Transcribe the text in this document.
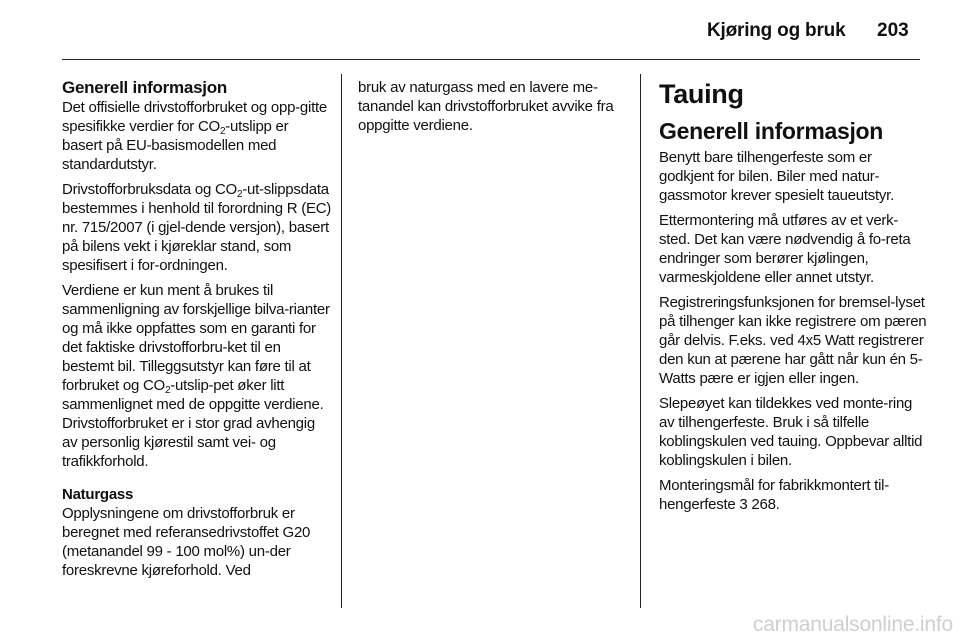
Kjøring og bruk 203
Generell informasjon

Det offisielle drivstofforbruket og opp-gitte spesifikke verdier for $CO_2$-utslipp er basert på EU-basismodellen med standardutstyr.

Drivstofforbruksdata og $CO_2-ut$-slippsdata bestemmes i henhold til forordning R (EC) nr. 715/2007 (i gjel-dende versjon), basert på bilens vekt i kjøreklar stand, som spesifisert i for-ordningen.

Verdiene er kun ment å brukes til sammenligning av forskjellige bilva-rianter og må ikke oppfattes som en garanti for det faktiske drivstofforbru-ket til en bestemt bil. Tilleggsutstyr kan føre til at forbruket og $CO_2-utslip$-pet øker litt sammenlignet med de oppgitte verdiene. Drivstofforbruket er i stor grad avhengig av personlig kjørestil samt vei- og trafikkforhold.

Naturgass

Opplysningene om drivstofforbruk er beregnet med referansedrivstoffet G20 (metanandel 99 - 100 mol%) un-der foreskrevne kjøreforhold. Ved

bruk av naturgass med en lavere me-tanandel kan drivstofforbruket avvike fra oppgitte verdiene.

Tauing
Generell informasjon

Benytt bare tilhengerfeste som er godkjent for bilen. Biler med natur-gassmotor krever spesielt taueutstyr.

Ettermontering må utføres av et verk-sted. Det kan være nødvendig å fo-reta endringer som berører kjølingen, varmeskjoldene eller annet utstyr.

Registreringsfunksjonen for bremsel-lyset på tilhenger kan ikke registrere om pæren går delvis. F.eks. ved 4x5 Watt registrerer den kun at pærene har gått når kun én 5-Watts pære er igjen eller ingen.

Slepeøyet kan tildekkes ved monte-ring av tilhengerfeste. Bruk i så tilfelle koblingskulen ved tauing. Oppbevar alltid koblingskulen i bilen.

Monteringsmål for fabrikkmontert til-hengerfeste 3 268.

carmanualsonline.info
